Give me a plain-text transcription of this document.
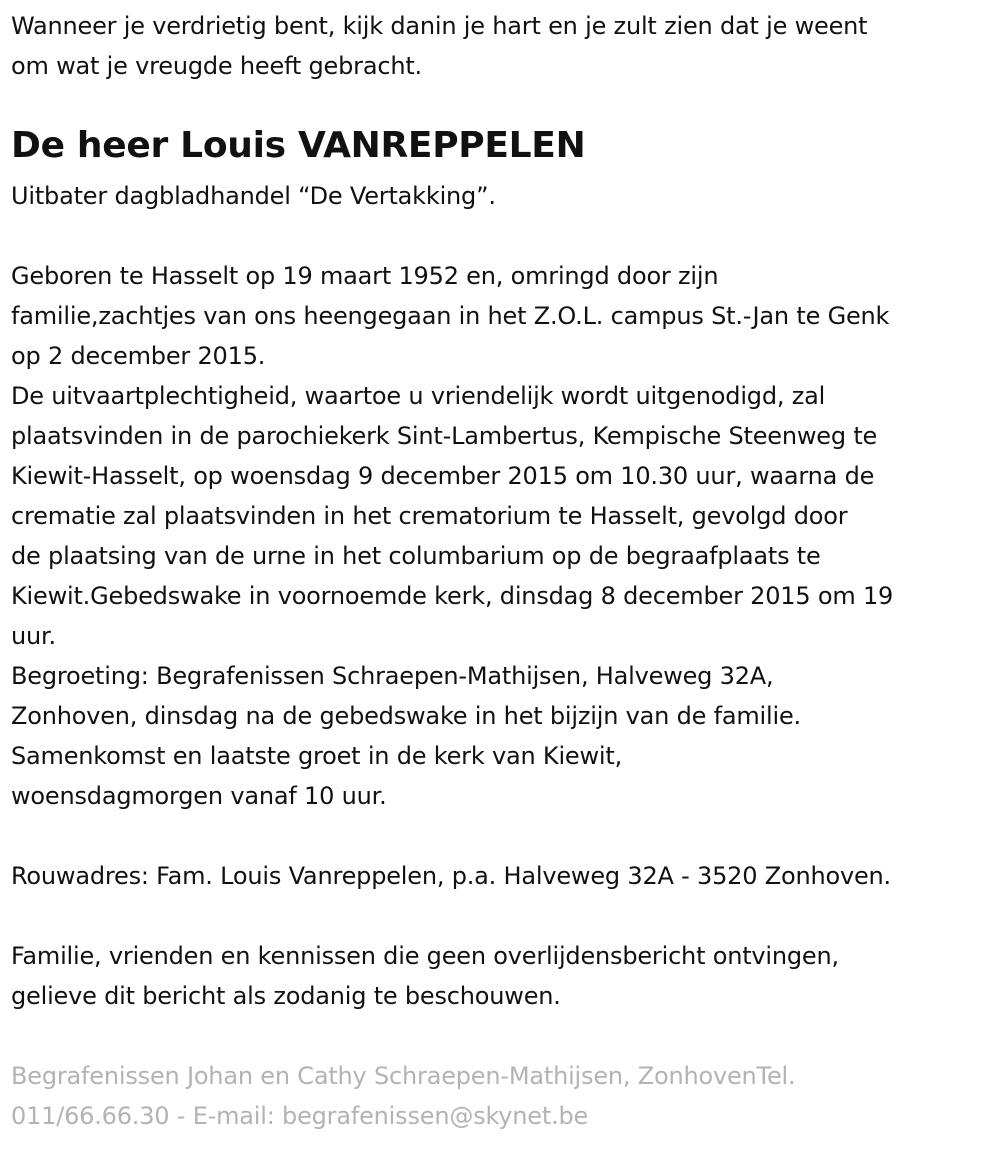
Wanneer je verdrietig bent, kijk danin je hart en je zult zien dat je weent
om wat je vreugde heeft gebracht.
De heer Louis VANREPPELEN
Uitbater dagbladhandel “De Vertakking”.
Geboren te Hasselt op 19 maart 1952 en, omringd door zijn
familie,zachtjes van ons heengegaan in het Z.O.L. campus St.-Jan te Genk
op 2 december 2015.
De uitvaartplechtigheid, waartoe u vriendelijk wordt uitgenodigd, zal
plaatsvinden in de parochiekerk Sint-Lambertus, Kempische Steenweg te
Kiewit-Hasselt, op woensdag 9 december 2015 om 10.30 uur, waarna de
crematie zal plaatsvinden in het crematorium te Hasselt, gevolgd door
de plaatsing van de urne in het columbarium op de begraafplaats te
Kiewit.Gebedswake in voornoemde kerk, dinsdag 8 december 2015 om 19
uur.
Begroeting: Begrafenissen Schraepen-Mathijsen, Halveweg 32A,
Zonhoven, dinsdag na de gebedswake in het bijzijn van de familie.
Samenkomst en laatste groet in de kerk van Kiewit,
woensdagmorgen vanaf 10 uur.
Rouwadres: Fam. Louis Vanreppelen, p.a. Halveweg 32A - 3520 Zonhoven.
Familie, vrienden en kennissen die geen overlijdensbericht ontvingen,
gelieve dit bericht als zodanig te beschouwen.
Begrafenissen Johan en Cathy Schraepen-Mathijsen, ZonhovenTel.
011/66.66.30 - E-mail: begrafenissen@skynet.be
